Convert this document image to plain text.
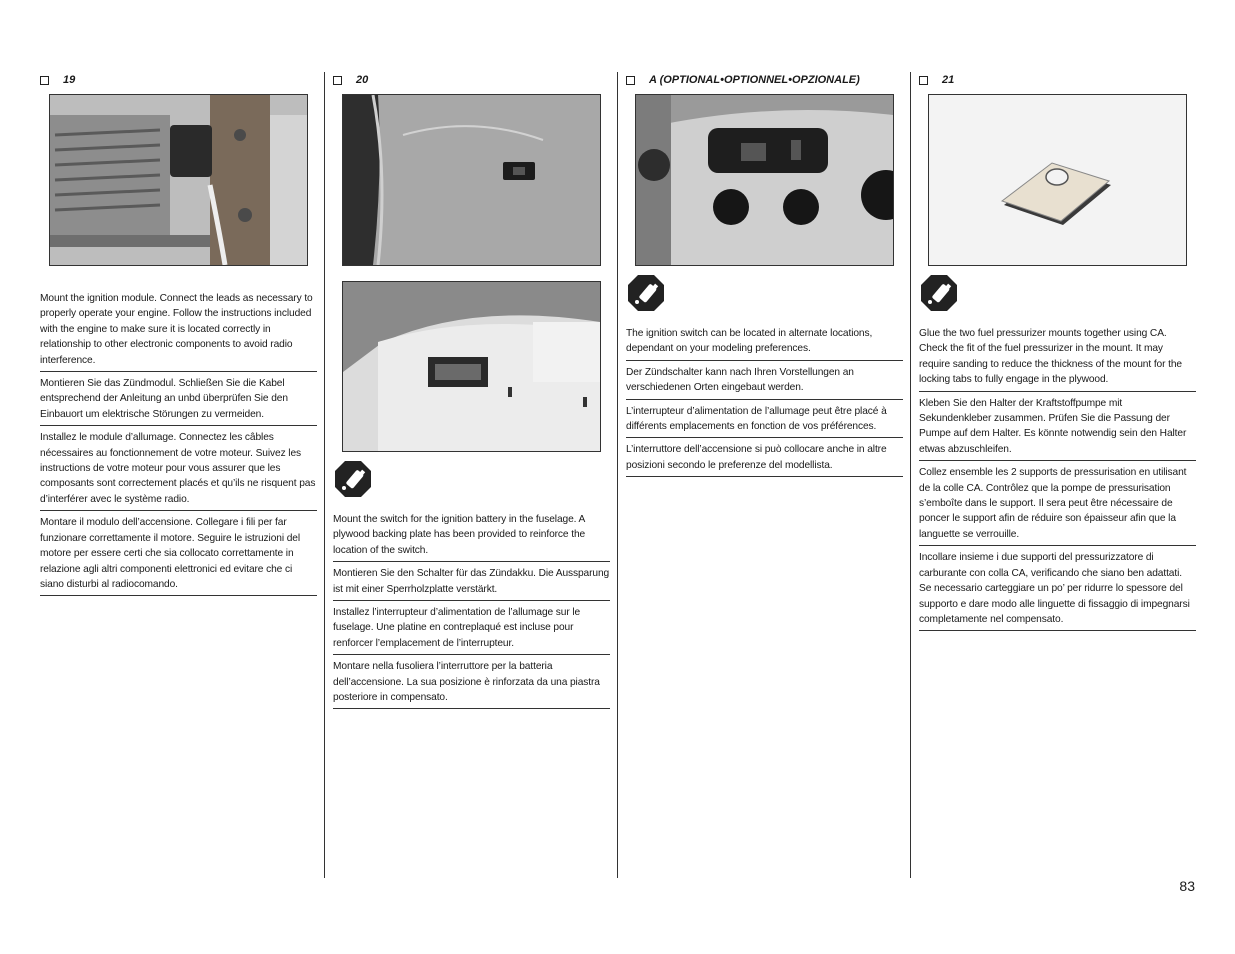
19

Mount the ignition module. Connect the leads as necessary to properly operate your engine. Follow the instructions included with the engine to make sure it is located correctly in relationship to other electronic components to avoid radio interference.

Montieren Sie das Zündmodul. Schließen Sie die Kabel entsprechend der Anleitung an unbd überprüfen Sie den Einbauort um elektrische Störungen zu vermeiden.

Installez le module d’allumage. Connectez les câbles nécessaires au fonctionnement de votre moteur. Suivez les instructions de votre moteur pour vous assurer que les composants sont correctement placés et qu’ils ne risquent pas d’interférer avec le système radio.

Montare il modulo dell’accensione. Collegare i fili per far funzionare correttamente il motore. Seguire le istruzioni del motore per essere certi che sia collocato correttamente in relazione agli altri componenti elettronici ed evitare che ci siano disturbi al radiocomando.

20

Mount the switch for the ignition battery in the fuselage. A plywood backing plate has been provided to reinforce the location of the switch.

Montieren Sie den Schalter für das Zündakku. Die Aussparung ist mit einer Sperrholzplatte verstärkt.

Installez l’interrupteur d’alimentation de l’allumage sur le fuselage. Une platine en contreplaqué est incluse pour renforcer l’emplacement de l’interrupteur.

Montare nella fusoliera l’interruttore per la batteria dell’accensione. La sua posizione è rinforzata da una piastra posteriore in compensato.

A (OPTIONAL•OPTIONNEL•OPZIONALE)

The ignition switch can be located in alternate locations, dependant on your modeling preferences.

Der Zündschalter kann nach Ihren Vorstellungen an verschiedenen Orten eingebaut werden.

L’interrupteur d’alimentation de l’allumage peut être placé à différents emplacements en fonction de vos préférences.

L’interruttore dell’accensione si può collocare anche in altre posizioni secondo le preferenze del modellista.

21

Glue the two fuel pressurizer mounts together using CA. Check the fit of the fuel pressurizer in the mount. It may require sanding to reduce the thickness of the mount for the locking tabs to fully engage in the plywood.

Kleben Sie den Halter der Kraftstoffpumpe mit Sekundenkleber zusammen. Prüfen Sie die Passung der Pumpe auf dem Halter. Es könnte notwendig sein den Halter etwas abzuschleifen.

Collez ensemble les 2 supports de pressurisation en utilisant de la colle CA. Contrôlez que la pompe de pressurisation s’emboîte dans le support. Il sera peut être nécessaire de poncer le support afin de réduire son épaisseur afin que la languette se verrouille.

Incollare insieme i due supporti del pressurizzatore di carburante con colla CA, verificando che siano ben adattati. Se necessario carteggiare un po’ per ridurre lo spessore del supporto e dare modo alle linguette di fissaggio di impegnarsi completamente nel compensato.

83
